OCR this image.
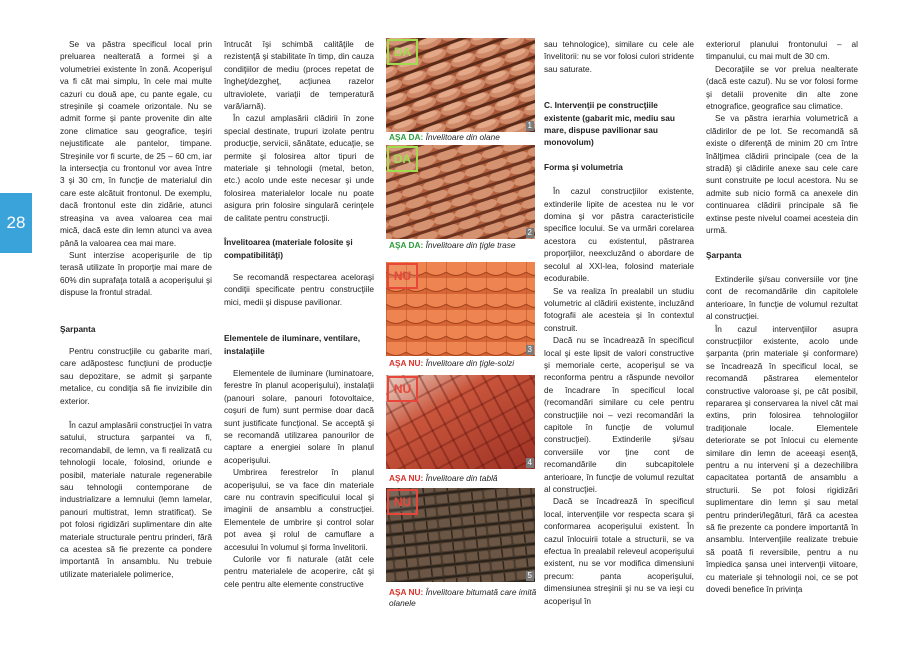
28

Se va păstra specificul local prin preluarea nealterată a formei şi a volumetriei existente în zonă. Acoperişul va fi cât mai simplu, în cele mai multe cazuri cu două ape, cu pante egale, cu streşinile şi coamele orizontale. Nu se admit forme şi pante provenite din alte zone climatice sau geografice, teşiri nejustificate ale pantelor, timpane. Streşinile vor fi scurte, de 25 – 60 cm, iar la intersecţia cu frontonul vor avea între 3 şi 30 cm, în funcţie de materialul din care este alcătuit frontonul. De exemplu, dacă frontonul este din zidărie, atunci streaşina va avea valoarea cea mai mică, dacă este din lemn atunci va avea până la valoarea cea mai mare.

Sunt interzise acoperişurile de tip terasă utilizate în proporţie mai mare de 60% din suprafaţa totală a acoperişului şi dispuse la frontul stradal.

Şarpanta

Pentru construcţiile cu gabarite mari, care adăpostesc funcţiuni de producţie sau depozitare, se admit şi şarpante metalice, cu condiţia să fie invizibile din exterior.

În cazul amplasării construcţiei în vatra satului, structura şarpantei va fi, recomandabil, de lemn, va fi realizată cu tehnologii locale, folosind, oriunde e posibil, materiale naturale regenerabile sau tehnologii contemporane de industrializare a lemnului (lemn lamelar, panouri multistrat, lemn stratificat). Se pot folosi rigidizări suplimentare din alte materiale structurale pentru prinderi, fără ca acestea să fie prezente ca pondere importantă în ansamblu. Nu trebuie utilizate materialele polimerice,

întrucât îşi schimbă calităţile de rezistenţă şi stabilitate în timp, din cauza condiţiilor de mediu (proces repetat de îngheţ/dezgheţ, acţiunea razelor ultraviolete, variaţii de temperatură vară/iarnă).

În cazul amplasării clădirii în zone special destinate, trupuri izolate pentru producţie, servicii, sănătate, educaţie, se permite şi folosirea altor tipuri de materiale şi tehnologii (metal, beton, etc.) acolo unde este necesar şi unde folosirea materialelor locale nu poate asigura prin folosire singulară cerinţele de calitate pentru construcţii.

Învelitoarea (materiale folosite şi compatibilităţi)

Se recomandă respectarea aceloraşi condiţii specificate pentru construcţiile mici, medii şi dispuse pavilionar.

Elementele de iluminare, ventilare, instalaţiile

Elementele de iluminare (luminatoare, ferestre în planul acoperişului), instalaţii (panouri solare, panouri fotovoltaice, coşuri de fum) sunt permise doar dacă sunt justificate funcţional. Se acceptă şi se recomandă utilizarea panourilor de captare a energiei solare în planul acoperişului.

Umbrirea ferestrelor în planul acoperişului, se va face din materiale care nu contravin specificului local şi imaginii de ansamblu a construcţiei. Elementele de umbrire şi control solar pot avea şi rolul de camuflare a accesului în volumul şi forma învelitorii.

Culorile vor fi naturale (atât cele pentru materialele de acoperire, cât şi cele pentru alte elemente constructive

DA
1
AŞA DA: Învelitoare din olane
DA
2
AŞA DA: Învelitoare din ţigle trase
NU
3
AŞA NU: Învelitoare din ţigle-solzi
NU
4
AŞA NU: Învelitoare din tablă
NU
5
AŞA NU: Învelitoare bitumată care imită olanele

sau tehnologice), similare cu cele ale învelitorii: nu se vor folosi culori stridente sau saturate.

C. Intervenţii pe construcţiile existente (gabarit mic, mediu sau mare, dispuse pavilionar sau monovolum)
Forma şi volumetria

În cazul construcţiilor existente, extinderile lipite de acestea nu le vor domina şi vor păstra caracteristicile specifice locului. Se va urmări corelarea acestora cu existentul, păstrarea proporţiilor, neexcluzând o abordare de secolul al XXI-lea, folosind materiale ecodurabile.

Se va realiza în prealabil un studiu volumetric al clădirii existente, incluzând fotografii ale acesteia şi în contextul construit.

Dacă nu se încadrează în specificul local şi este lipsit de valori constructive şi memoriale certe, acoperişul se va reconforma pentru a răspunde nevoilor de încadrare în specificul local (recomandări similare cu cele pentru construcţiile noi – vezi recomandări la capitole în funcţie de volumul construcţiei). Extinderile şi/sau conversiile vor ţine cont de recomandările din subcapitolele anterioare, în funcţie de volumul rezultat al construcţiei.

Dacă se încadrează în specificul local, intervenţiile vor respecta scara şi conformarea acoperişului existent. În cazul înlocuirii totale a structurii, se va efectua în prealabil releveul acoperişului existent, nu se vor modifica dimensiuni precum: panta acoperişului, dimensiunea streşinii şi nu se va ieşi cu acoperişul în

exteriorul planului frontonului – al timpanului, cu mai mult de 30 cm.

Decoraţiile se vor prelua nealterate (dacă este cazul). Nu se vor folosi forme şi detalii provenite din alte zone etnografice, geografice sau climatice.

Se va păstra ierarhia volumetrică a clădirilor de pe lot. Se recomandă să existe o diferenţă de minim 20 cm între înălţimea clădirii principale (cea de la stradă) şi clădirile anexe sau cele care sunt construite pe locul acestora. Nu se admite sub nicio formă ca anexele din continuarea clădirii principale să fie extinse peste nivelul coamei acesteia din urmă.

Şarpanta

Extinderile şi/sau conversiile vor ţine cont de recomandările din capitolele anterioare, în funcţie de volumul rezultat al construcţiei.

În cazul intervenţiilor asupra construcţiilor existente, acolo unde şarpanta (prin materiale şi conformare) se încadrează în specificul local, se recomandă păstrarea elementelor constructive valoroase şi, pe cât posibil, repararea şi conservarea la nivel cât mai extins, prin folosirea tehnologiilor tradiţionale locale. Elementele deteriorate se pot înlocui cu elemente similare din lemn de aceeaşi esenţă, pentru a nu interveni şi a dezechilibra capacitatea portantă de ansamblu a structurii. Se pot folosi rigidizări suplimentare din lemn şi sau metal pentru prinderi/legături, fără ca acestea să fie prezente ca pondere importantă în ansamblu. Intervenţiile realizate trebuie să poată fi reversibile, pentru a nu împiedica şansa unei intervenţii viitoare, cu materiale şi tehnologii noi, ce se pot dovedi benefice în privinţa
